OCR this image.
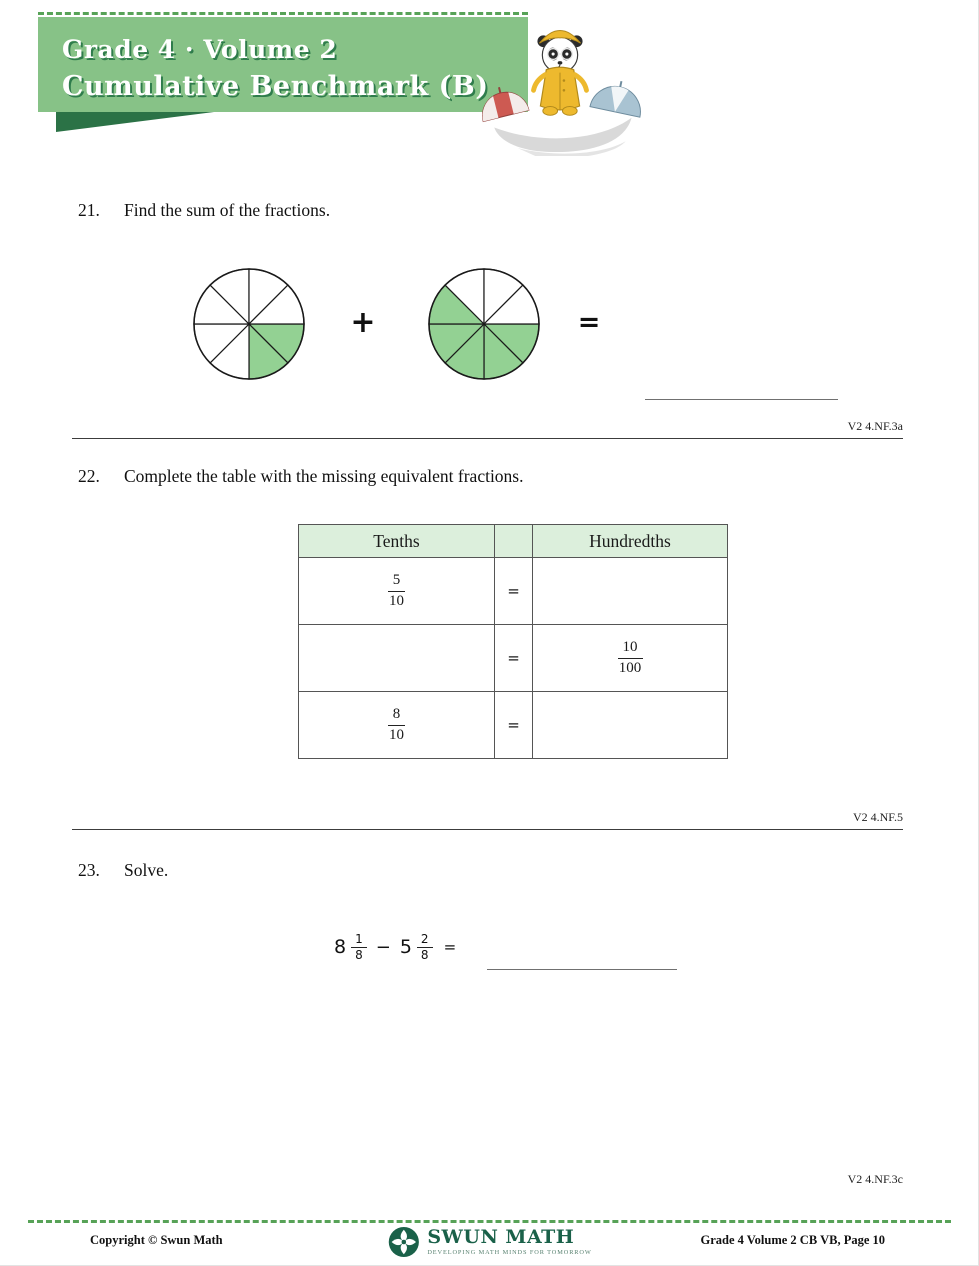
Grade 4 · Volume 2
Cumulative Benchmark (B)
21. Find the sum of the fractions.
+	=
V2 4.NF.3a
22. Complete the table with the missing equivalent fractions.
Tenths		Hundredths

$\frac{5}{10}$	=	
	=	$\frac{10}{100}$

$\frac{8}{10}$	=	
V2 4.NF.5
23. Solve.
$8 \frac{1}{8} - 5 \frac{2}{8}$ =
V2 4.NF.3c
Copyright © Swun Math	SWUN MATH
DEVELOPING MATH MINDS FOR TOMORROW
Grade 4 Volume 2 CB VB, Page 10
